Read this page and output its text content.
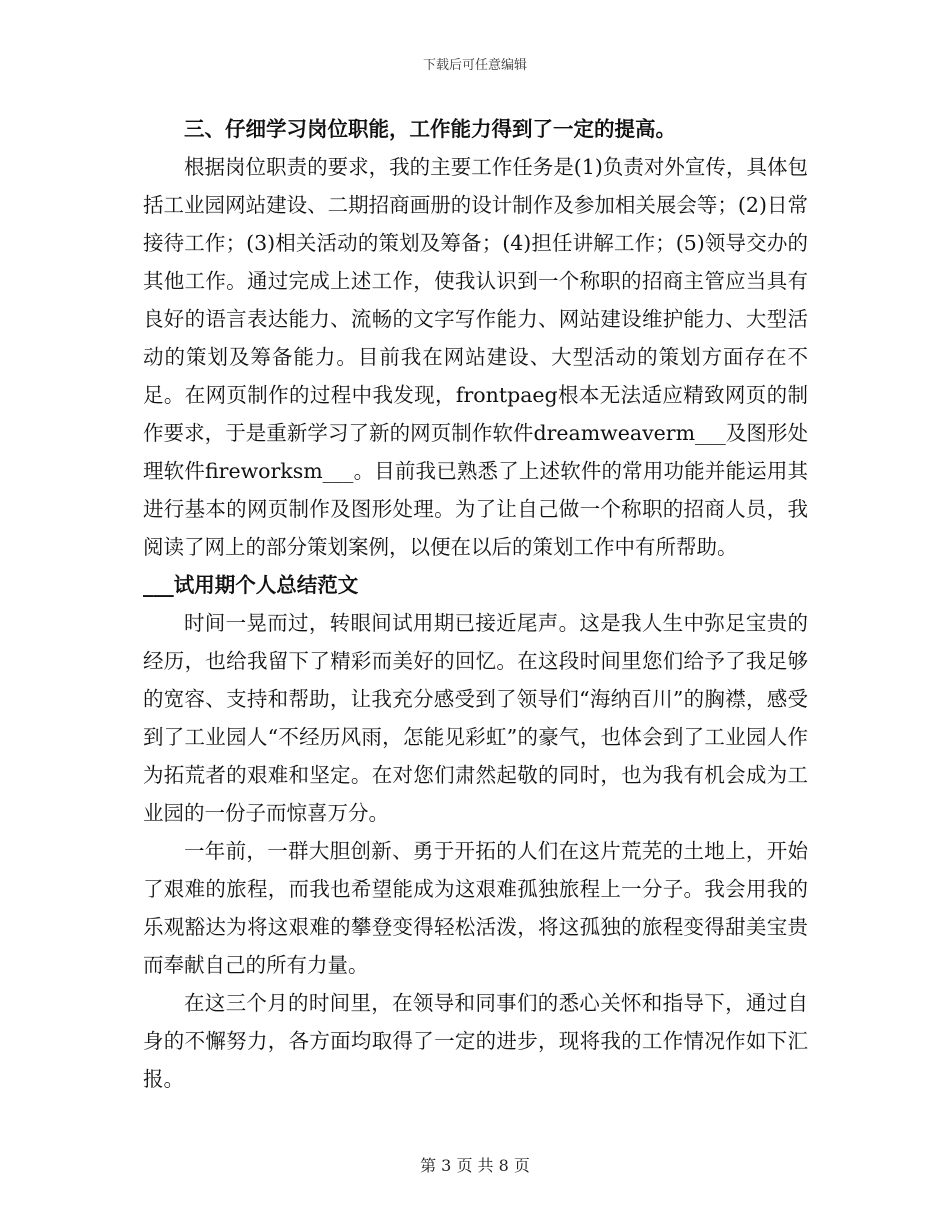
下载后可任意编辑

三、仔细学习岗位职能，工作能力得到了一定的提高。

根据岗位职责的要求，我的主要工作任务是(1)负责对外宣传，具体包括工业园网站建设、二期招商画册的设计制作及参加相关展会等；(2)日常接待工作；(3)相关活动的策划及筹备；(4)担任讲解工作；(5)领导交办的其他工作。通过完成上述工作，使我认识到一个称职的招商主管应当具有良好的语言表达能力、流畅的文字写作能力、网站建设维护能力、大型活动的策划及筹备能力。目前我在网站建设、大型活动的策划方面存在不足。在网页制作的过程中我发现，frontpaeg根本无法适应精致网页的制作要求，于是重新学习了新的网页制作软件dreamweaverm___及图形处理软件fireworksm___。目前我已熟悉了上述软件的常用功能并能运用其进行基本的网页制作及图形处理。为了让自己做一个称职的招商人员，我阅读了网上的部分策划案例，以便在以后的策划工作中有所帮助。

___试用期个人总结范文

时间一晃而过，转眼间试用期已接近尾声。这是我人生中弥足宝贵的经历，也给我留下了精彩而美好的回忆。在这段时间里您们给予了我足够的宽容、支持和帮助，让我充分感受到了领导们“海纳百川”的胸襟，感受到了工业园人“不经历风雨，怎能见彩虹”的豪气，也体会到了工业园人作为拓荒者的艰难和坚定。在对您们肃然起敬的同时，也为我有机会成为工业园的一份子而惊喜万分。

一年前，一群大胆创新、勇于开拓的人们在这片荒芜的土地上，开始了艰难的旅程，而我也希望能成为这艰难孤独旅程上一分子。我会用我的乐观豁达为将这艰难的攀登变得轻松活泼，将这孤独的旅程变得甜美宝贵而奉献自己的所有力量。

在这三个月的时间里，在领导和同事们的悉心关怀和指导下，通过自身的不懈努力，各方面均取得了一定的进步，现将我的工作情况作如下汇报。

第 3 页 共 8 页
